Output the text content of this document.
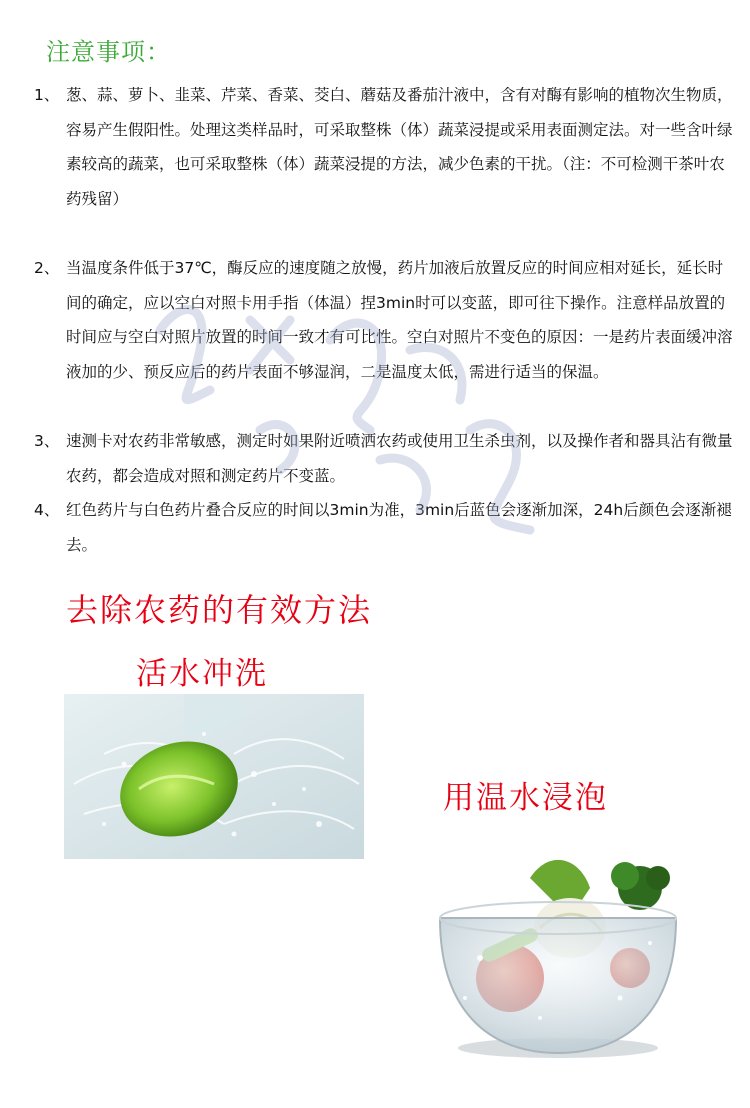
注意事项：
1、 葱、蒜、萝卜、韭菜、芹菜、香菜、茭白、蘑菇及番茄汁液中，含有对酶有影响的植物次生物质，容易产生假阳性。处理这类样品时，可采取整株（体）蔬菜浸提或采用表面测定法。对一些含叶绿素较高的蔬菜，也可采取整株（体）蔬菜浸提的方法，减少色素的干扰。（注：不可检测干茶叶农药残留）
2、 当温度条件低于37℃，酶反应的速度随之放慢，药片加液后放置反应的时间应相对延长，延长时间的确定，应以空白对照卡用手指（体温）捏3min时可以变蓝，即可往下操作。注意样品放置的时间应与空白对照片放置的时间一致才有可比性。空白对照片不变色的原因：一是药片表面缓冲溶液加的少、预反应后的药片表面不够湿润，二是温度太低，需进行适当的保温。
3、 速测卡对农药非常敏感，测定时如果附近喷洒农药或使用卫生杀虫剂，以及操作者和器具沾有微量农药，都会造成对照和测定药片不变蓝。
4、 红色药片与白色药片叠合反应的时间以3min为准，3min后蓝色会逐渐加深，24h后颜色会逐渐褪去。
去除农药的有效方法
活水冲洗
用温水浸泡
